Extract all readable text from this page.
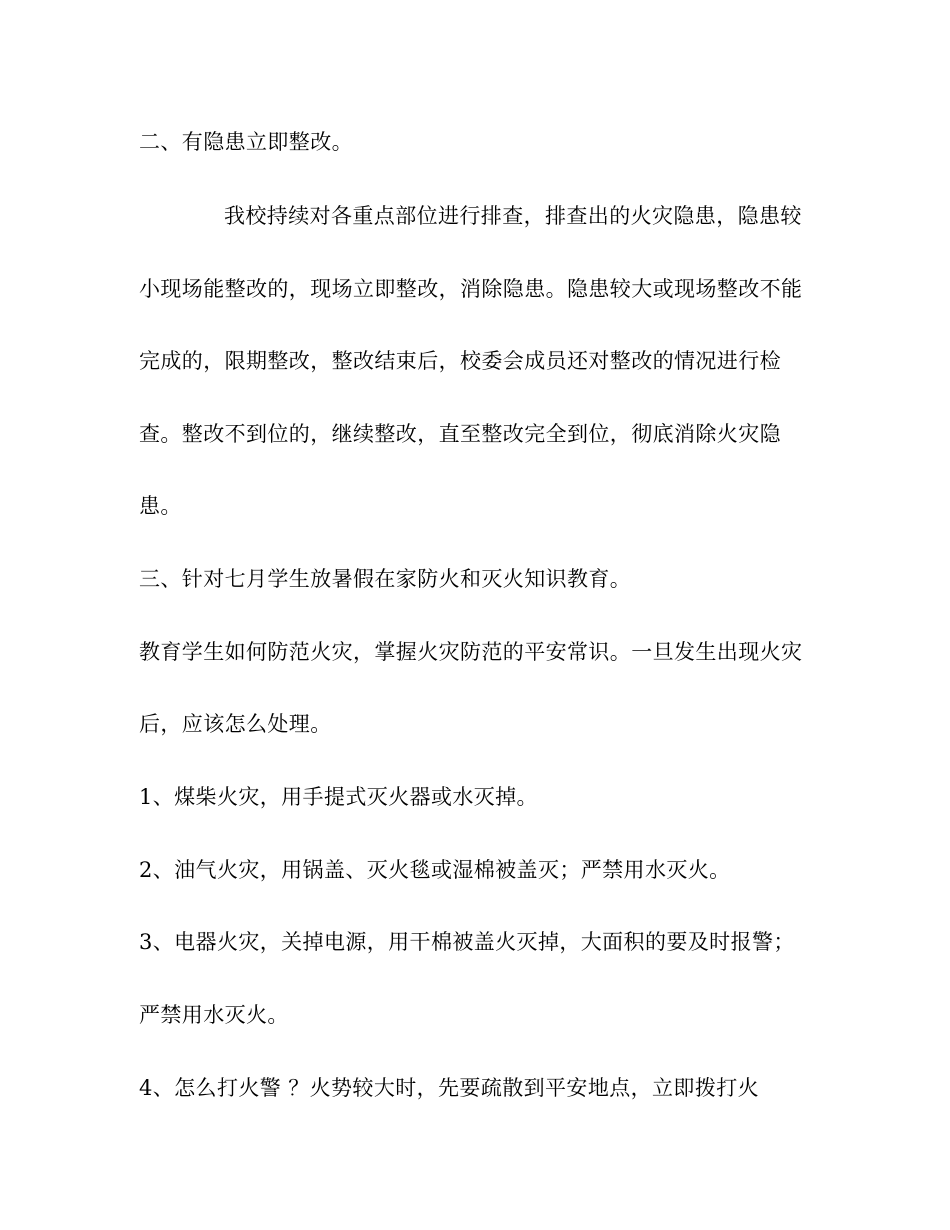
二、有隐患立即整改。
我校持续对各重点部位进行排查，排查出的火灾隐患，隐患较
小现场能整改的，现场立即整改，消除隐患。隐患较大或现场整改不能
完成的，限期整改，整改结束后，校委会成员还对整改的情况进行检
查。整改不到位的，继续整改，直至整改完全到位，彻底消除火灾隐
患。
三、针对七月学生放暑假在家防火和灭火知识教育。
教育学生如何防范火灾，掌握火灾防范的平安常识。一旦发生出现火灾
后，应该怎么处理。
1、煤柴火灾，用手提式灭火器或水灭掉。
2、油气火灾，用锅盖、灭火毯或湿棉被盖灭；严禁用水灭火。
3、电器火灾，关掉电源，用干棉被盖火灭掉，大面积的要及时报警；
严禁用水灭火。
4、怎么打火警 ？火势较大时，先要疏散到平安地点，立即拨打火
